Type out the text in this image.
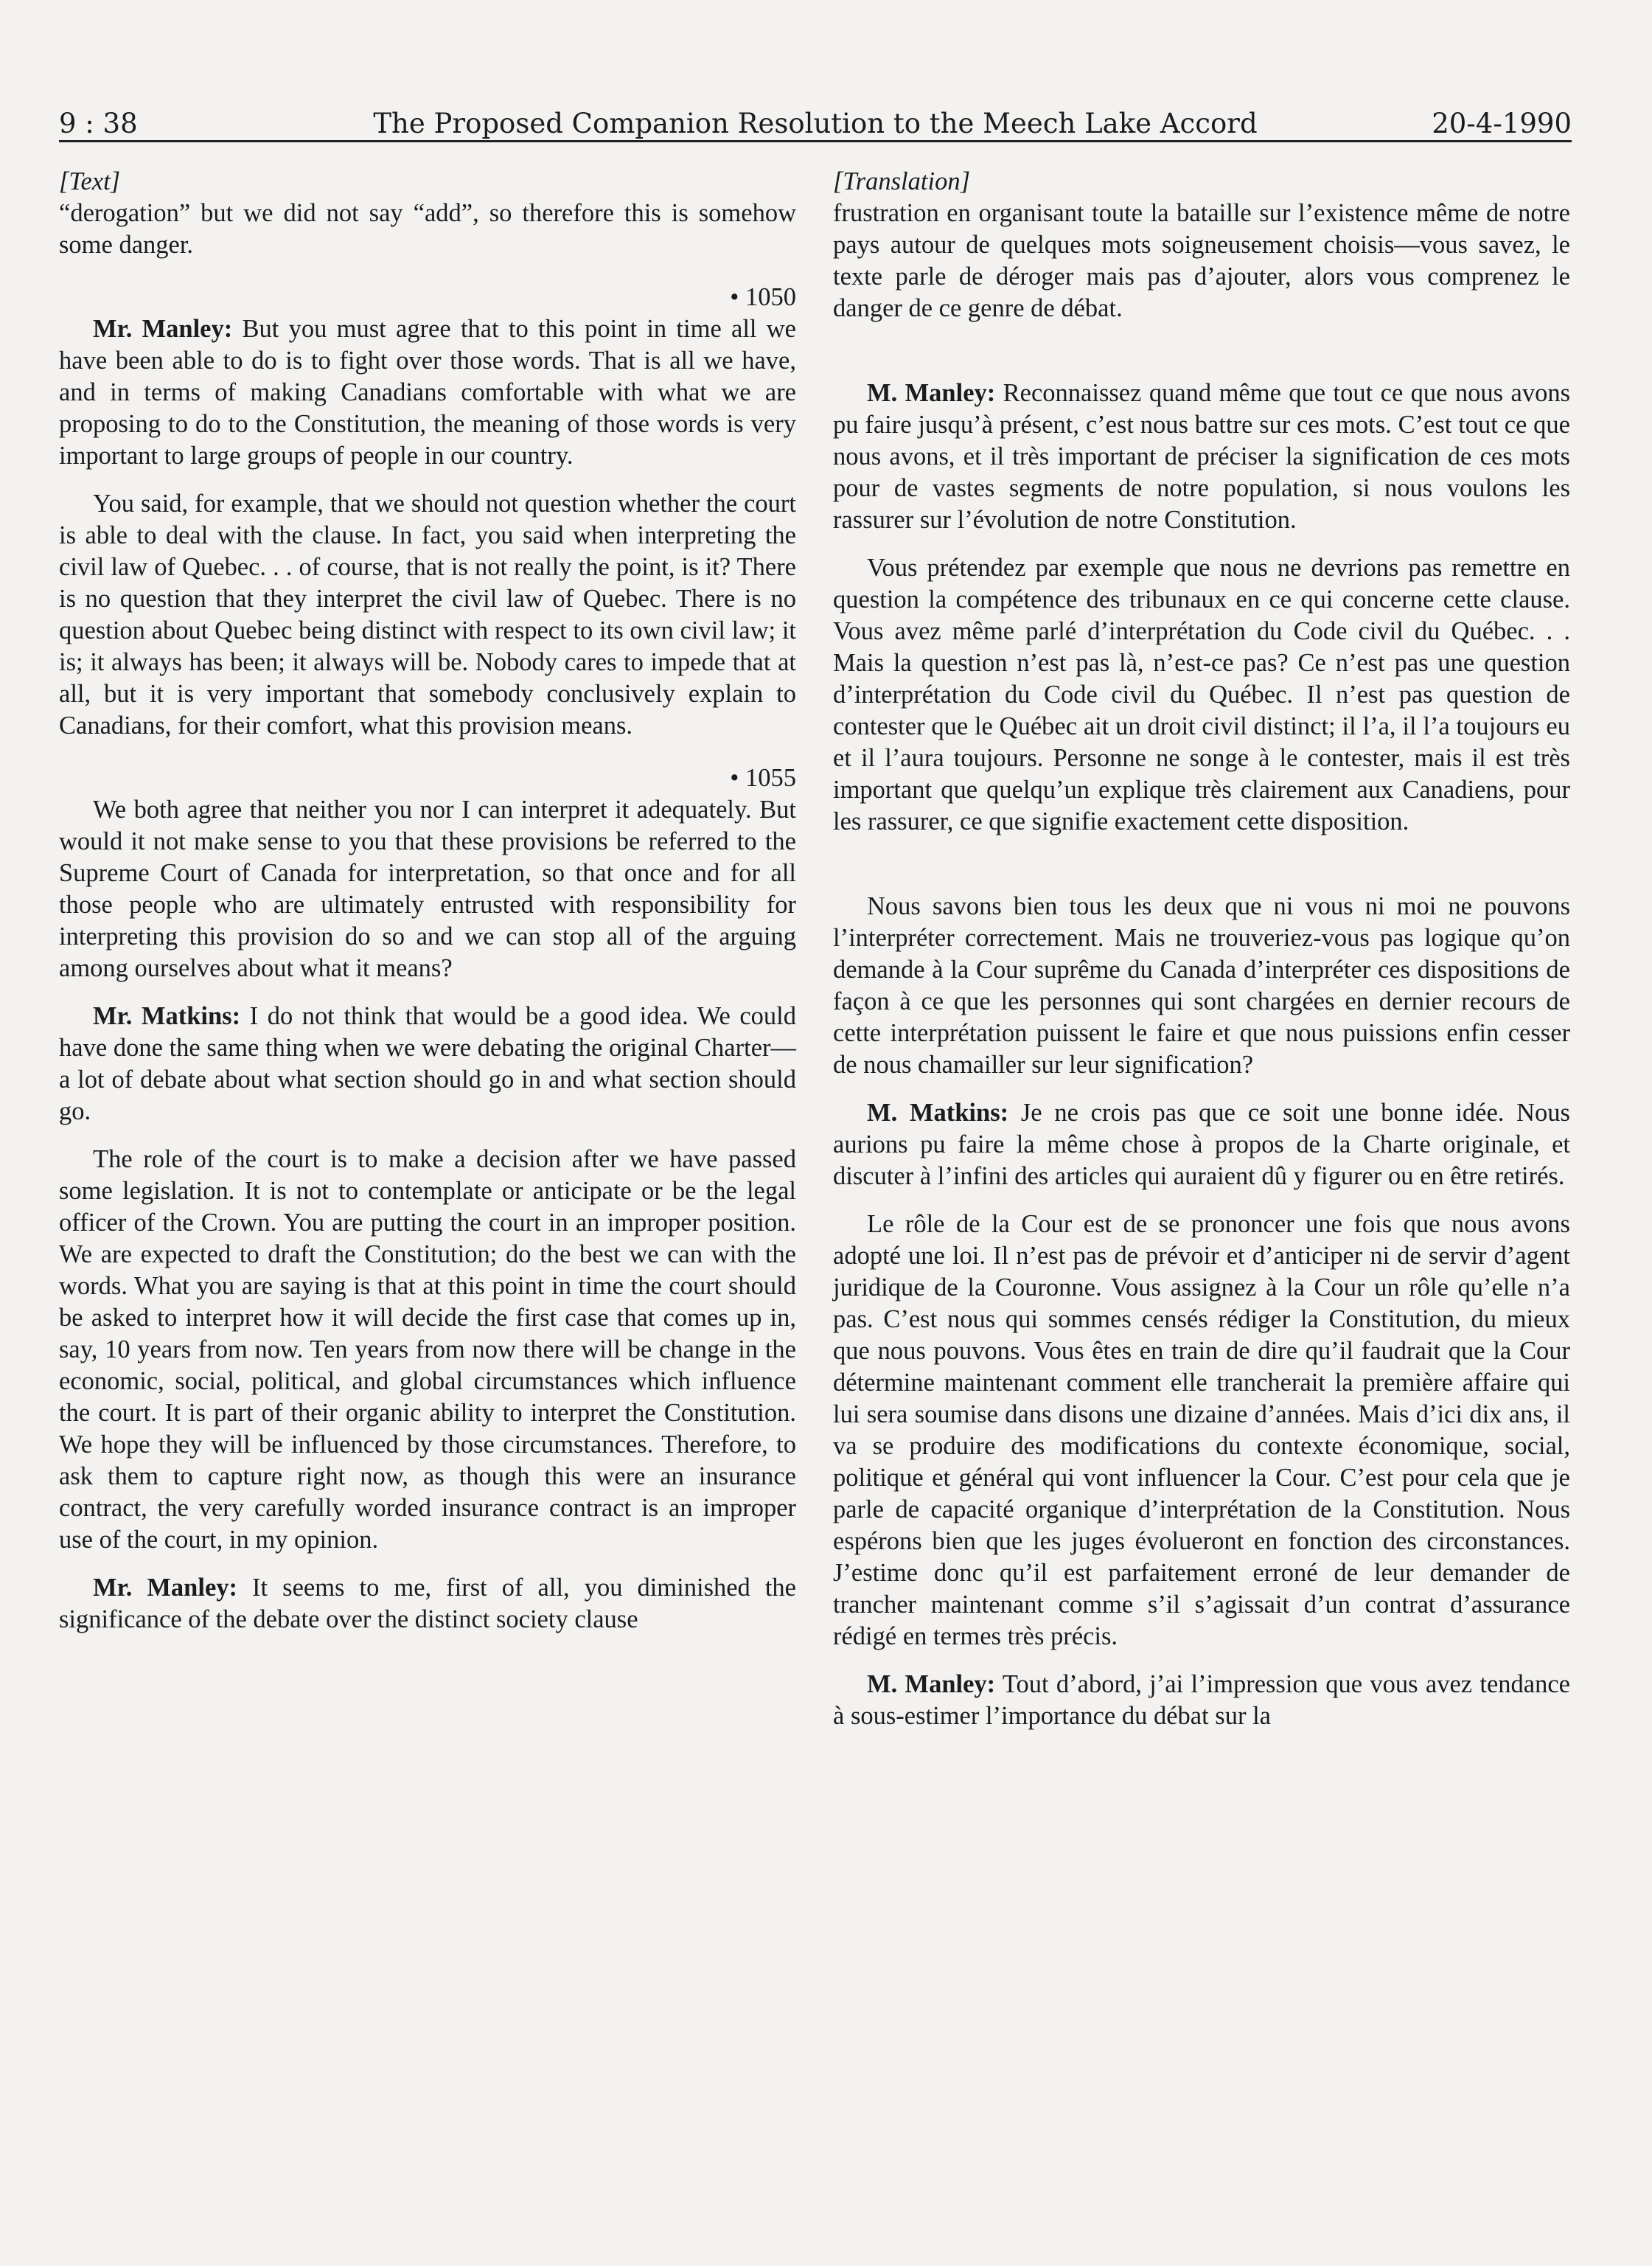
9 : 38	The Proposed Companion Resolution to the Meech Lake Accord	20-4-1990
[Text]

“derogation” but we did not say “add”, so therefore this is somehow some danger.

• 1050

Mr. Manley: But you must agree that to this point in time all we have been able to do is to fight over those words. That is all we have, and in terms of making Canadians comfortable with what we are proposing to do to the Constitution, the meaning of those words is very important to large groups of people in our country.

You said, for example, that we should not question whether the court is able to deal with the clause. In fact, you said when interpreting the civil law of Quebec. . . of course, that is not really the point, is it? There is no question that they interpret the civil law of Quebec. There is no question about Quebec being distinct with respect to its own civil law; it is; it always has been; it always will be. Nobody cares to impede that at all, but it is very important that somebody conclusively explain to Canadians, for their comfort, what this provision means.

• 1055

We both agree that neither you nor I can interpret it adequately. But would it not make sense to you that these provisions be referred to the Supreme Court of Canada for interpretation, so that once and for all those people who are ultimately entrusted with responsibility for interpreting this provision do so and we can stop all of the arguing among ourselves about what it means?

Mr. Matkins: I do not think that would be a good idea. We could have done the same thing when we were debating the original Charter—a lot of debate about what section should go in and what section should go.

The role of the court is to make a decision after we have passed some legislation. It is not to contemplate or anticipate or be the legal officer of the Crown. You are putting the court in an improper position. We are expected to draft the Constitution; do the best we can with the words. What you are saying is that at this point in time the court should be asked to interpret how it will decide the first case that comes up in, say, 10 years from now. Ten years from now there will be change in the economic, social, political, and global circumstances which influence the court. It is part of their organic ability to interpret the Constitution. We hope they will be influenced by those circumstances. Therefore, to ask them to capture right now, as though this were an insurance contract, the very carefully worded insurance contract is an improper use of the court, in my opinion.

Mr. Manley: It seems to me, first of all, you diminished the significance of the debate over the distinct society clause

[Translation]

frustration en organisant toute la bataille sur l’existence même de notre pays autour de quelques mots soigneusement choisis—vous savez, le texte parle de déroger mais pas d’ajouter, alors vous comprenez le danger de ce genre de débat.

M. Manley: Reconnaissez quand même que tout ce que nous avons pu faire jusqu’à présent, c’est nous battre sur ces mots. C’est tout ce que nous avons, et il très important de préciser la signification de ces mots pour de vastes segments de notre population, si nous voulons les rassurer sur l’évolution de notre Constitution.

Vous prétendez par exemple que nous ne devrions pas remettre en question la compétence des tribunaux en ce qui concerne cette clause. Vous avez même parlé d’interprétation du Code civil du Québec. . . Mais la question n’est pas là, n’est-ce pas? Ce n’est pas une question d’interprétation du Code civil du Québec. Il n’est pas question de contester que le Québec ait un droit civil distinct; il l’a, il l’a toujours eu et il l’aura toujours. Personne ne songe à le contester, mais il est très important que quelqu’un explique très clairement aux Canadiens, pour les rassurer, ce que signifie exactement cette disposition.

Nous savons bien tous les deux que ni vous ni moi ne pouvons l’interpréter correctement. Mais ne trouveriez-vous pas logique qu’on demande à la Cour suprême du Canada d’interpréter ces dispositions de façon à ce que les personnes qui sont chargées en dernier recours de cette interprétation puissent le faire et que nous puissions enfin cesser de nous chamailler sur leur signification?

M. Matkins: Je ne crois pas que ce soit une bonne idée. Nous aurions pu faire la même chose à propos de la Charte originale, et discuter à l’infini des articles qui auraient dû y figurer ou en être retirés.

Le rôle de la Cour est de se prononcer une fois que nous avons adopté une loi. Il n’est pas de prévoir et d’anticiper ni de servir d’agent juridique de la Couronne. Vous assignez à la Cour un rôle qu’elle n’a pas. C’est nous qui sommes censés rédiger la Constitution, du mieux que nous pouvons. Vous êtes en train de dire qu’il faudrait que la Cour détermine maintenant comment elle trancherait la première affaire qui lui sera soumise dans disons une dizaine d’années. Mais d’ici dix ans, il va se produire des modifications du contexte économique, social, politique et général qui vont influencer la Cour. C’est pour cela que je parle de capacité organique d’interprétation de la Constitution. Nous espérons bien que les juges évolueront en fonction des circonstances. J’estime donc qu’il est parfaitement erroné de leur demander de trancher maintenant comme s’il s’agissait d’un contrat d’assurance rédigé en termes très précis.

M. Manley: Tout d’abord, j’ai l’impression que vous avez tendance à sous-estimer l’importance du débat sur la
